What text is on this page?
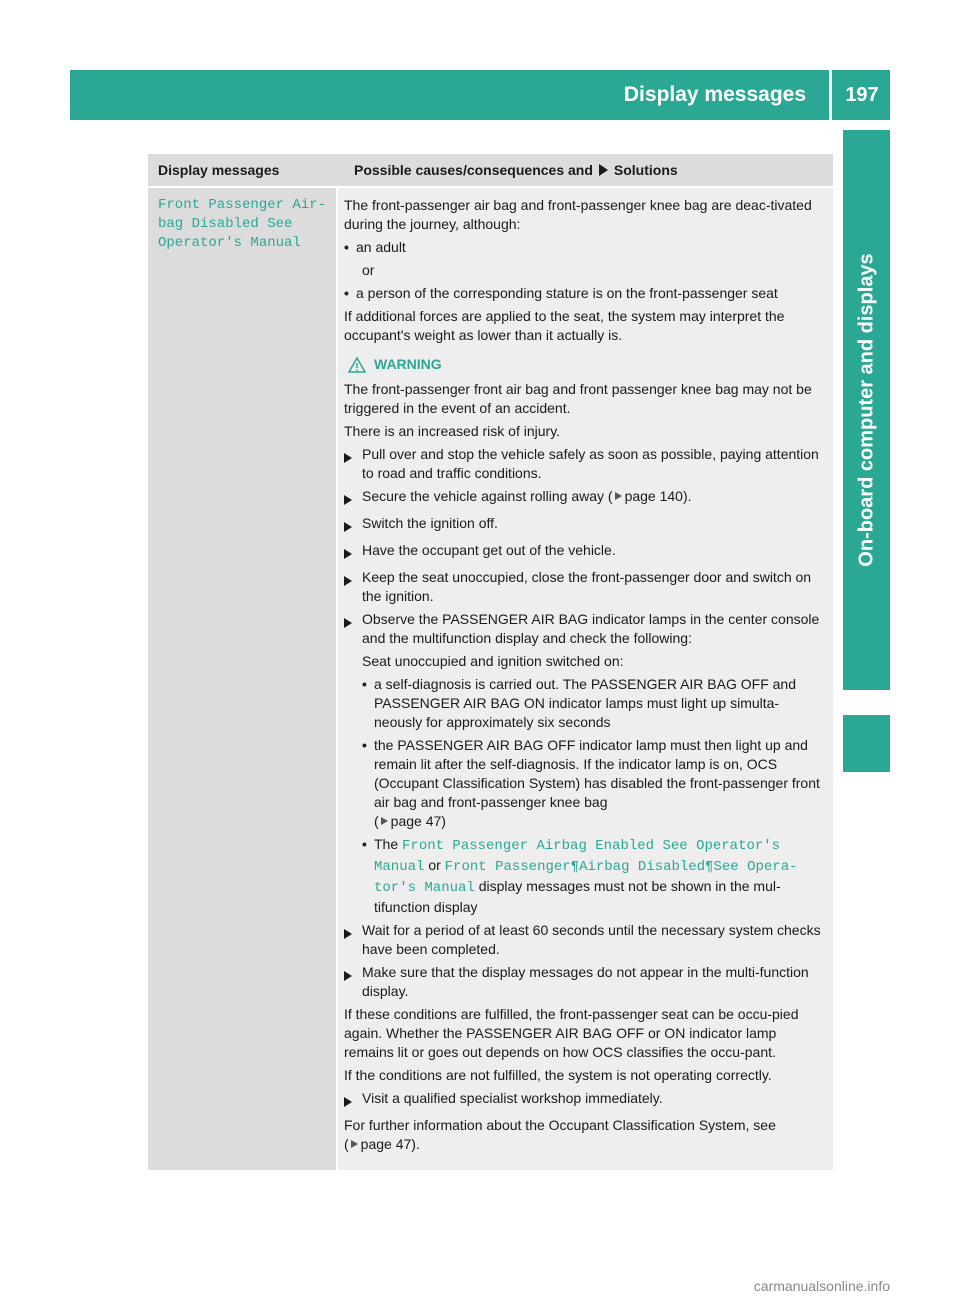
Display messages	197
On-board computer and displays
Display messages	Possible causes/consequences and Solutions
Front Passenger Air‐
bag Disabled See
Operator's Manual

The front-passenger air bag and front-passenger knee bag are deac-tivated during the journey, although:

• an adult

or

• a person of the corresponding stature is on the front-passenger seat

If additional forces are applied to the seat, the system may interpret the occupant's weight as lower than it actually is.

WARNING

The front-passenger front air bag and front passenger knee bag may not be triggered in the event of an accident.

There is an increased risk of injury.

Pull over and stop the vehicle safely as soon as possible, paying attention to road and traffic conditions.
Secure the vehicle against rolling away ( page 140).
Switch the ignition off.
Have the occupant get out of the vehicle.
Keep the seat unoccupied, close the front-passenger door and switch on the ignition.
Observe the PASSENGER AIR BAG indicator lamps in the center console and the multifunction display and check the following:

Seat unoccupied and ignition switched on:

• a self-diagnosis is carried out. The PASSENGER AIR BAG OFF and PASSENGER AIR BAG ON indicator lamps must light up simulta-neously for approximately six seconds
• the PASSENGER AIR BAG OFF indicator lamp must then light up and remain lit after the self-diagnosis. If the indicator lamp is on, OCS (Occupant Classification System) has disabled the front-passenger front air bag and front-passenger knee bag
( page 47)
• The Front Passenger Airbag Enabled See Operator's Manual or Front Passenger¶Airbag Disabled¶See Opera-tor's Manual display messages must not be shown in the mul-tifunction display
Wait for a period of at least 60 seconds until the necessary system checks have been completed.
Make sure that the display messages do not appear in the multi-function display.

If these conditions are fulfilled, the front-passenger seat can be occu-pied again. Whether the PASSENGER AIR BAG OFF or ON indicator lamp remains lit or goes out depends on how OCS classifies the occu-pant.

If the conditions are not fulfilled, the system is not operating correctly.

Visit a qualified specialist workshop immediately.

For further information about the Occupant Classification System, see
( page 47).

carmanualsonline.info
